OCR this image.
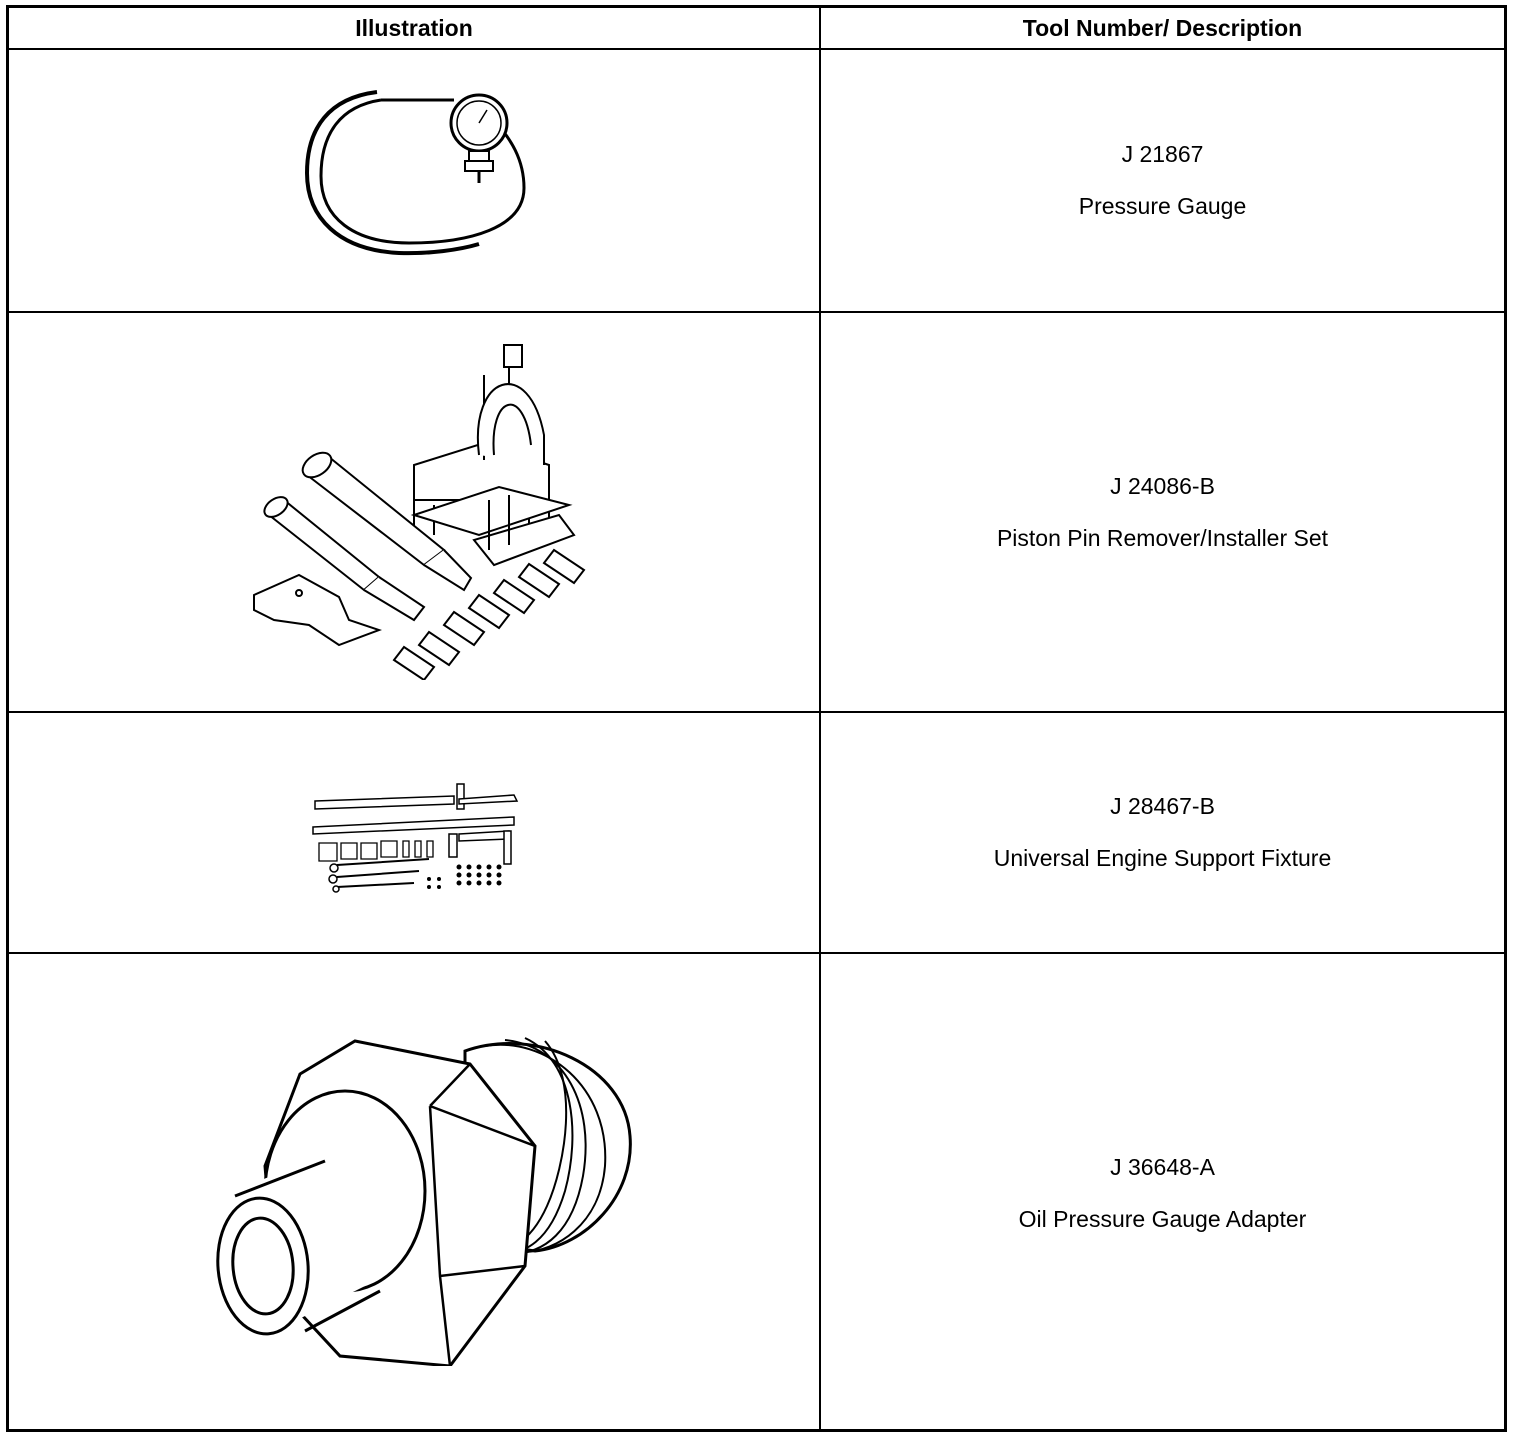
Illustration	Tool Number/ Description
J 21867
Pressure Gauge
J 24086-B
Piston Pin Remover/Installer Set
J 28467-B
Universal Engine Support Fixture
J 36648-A
Oil Pressure Gauge Adapter
